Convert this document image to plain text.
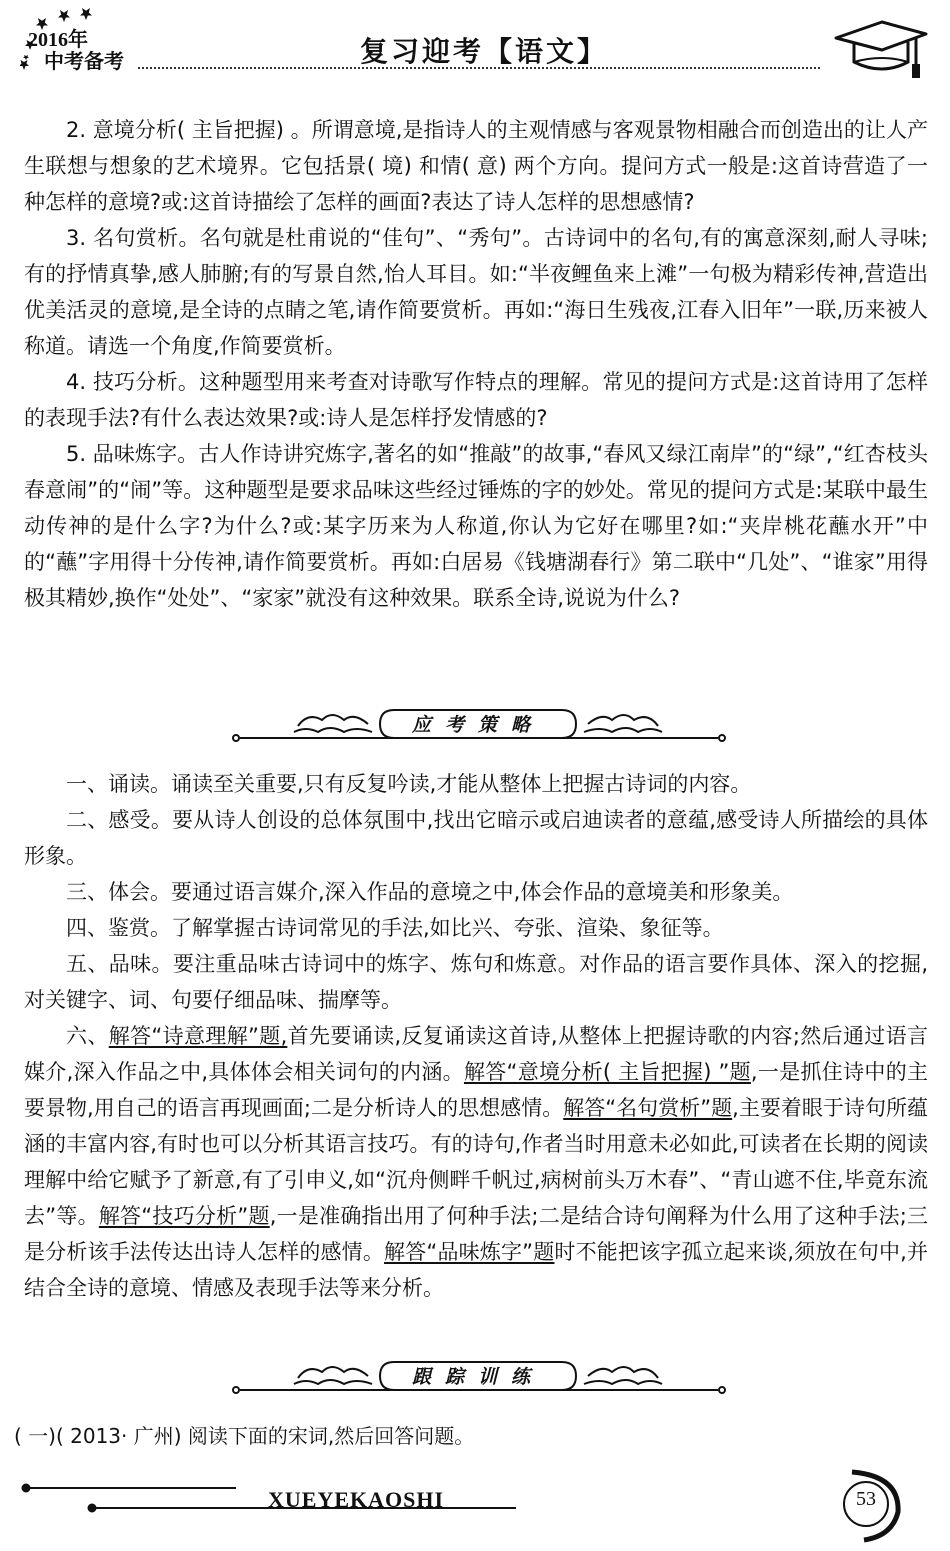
2016年
中考备考	复习迎考【语文】

2. 意境分析( 主旨把握) 。所谓意境,是指诗人的主观情感与客观景物相融合而创造出的让人产生联想与想象的艺术境界。它包括景( 境) 和情( 意) 两个方向。提问方式一般是:这首诗营造了一种怎样的意境?或:这首诗描绘了怎样的画面?表达了诗人怎样的思想感情?

3. 名句赏析。名句就是杜甫说的“佳句”、“秀句”。古诗词中的名句,有的寓意深刻,耐人寻味;有的抒情真挚,感人肺腑;有的写景自然,怡人耳目。如:“半夜鲤鱼来上滩”一句极为精彩传神,营造出优美活灵的意境,是全诗的点睛之笔,请作简要赏析。再如:“海日生残夜,江春入旧年”一联,历来被人称道。请选一个角度,作简要赏析。

4. 技巧分析。这种题型用来考查对诗歌写作特点的理解。常见的提问方式是:这首诗用了怎样的表现手法?有什么表达效果?或:诗人是怎样抒发情感的?

5. 品味炼字。古人作诗讲究炼字,著名的如“推敲”的故事,“春风又绿江南岸”的“绿”,“红杏枝头春意闹”的“闹”等。这种题型是要求品味这些经过锤炼的字的妙处。常见的提问方式是:某联中最生动传神的是什么字?为什么?或:某字历来为人称道,你认为它好在哪里?如:“夹岸桃花蘸水开”中的“蘸”字用得十分传神,请作简要赏析。再如:白居易《钱塘湖春行》第二联中“几处”、“谁家”用得极其精妙,换作“处处”、“家家”就没有这种效果。联系全诗,说说为什么?

应考策略

一、诵读。诵读至关重要,只有反复吟读,才能从整体上把握古诗词的内容。

二、感受。要从诗人创设的总体氛围中,找出它暗示或启迪读者的意蕴,感受诗人所描绘的具体形象。

三、体会。要通过语言媒介,深入作品的意境之中,体会作品的意境美和形象美。

四、鉴赏。了解掌握古诗词常见的手法,如比兴、夸张、渲染、象征等。

五、品味。要注重品味古诗词中的炼字、炼句和炼意。对作品的语言要作具体、深入的挖掘,对关键字、词、句要仔细品味、揣摩等。

六、解答“诗意理解”题,首先要诵读,反复诵读这首诗,从整体上把握诗歌的内容;然后通过语言媒介,深入作品之中,具体体会相关词句的内涵。解答“意境分析( 主旨把握) ”题,一是抓住诗中的主要景物,用自己的语言再现画面;二是分析诗人的思想感情。解答“名句赏析”题,主要着眼于诗句所蕴涵的丰富内容,有时也可以分析其语言技巧。有的诗句,作者当时用意未必如此,可读者在长期的阅读理解中给它赋予了新意,有了引申义,如“沉舟侧畔千帆过,病树前头万木春”、“青山遮不住,毕竟东流去”等。解答“技巧分析”题,一是准确指出用了何种手法;二是结合诗句阐释为什么用了这种手法;三是分析该手法传达出诗人怎样的感情。解答“品味炼字”题时不能把该字孤立起来谈,须放在句中,并结合全诗的意境、情感及表现手法等来分析。

跟踪训练
( 一)( 2013· 广州) 阅读下面的宋词,然后回答问题。
XUEYEKAOSHI	53
